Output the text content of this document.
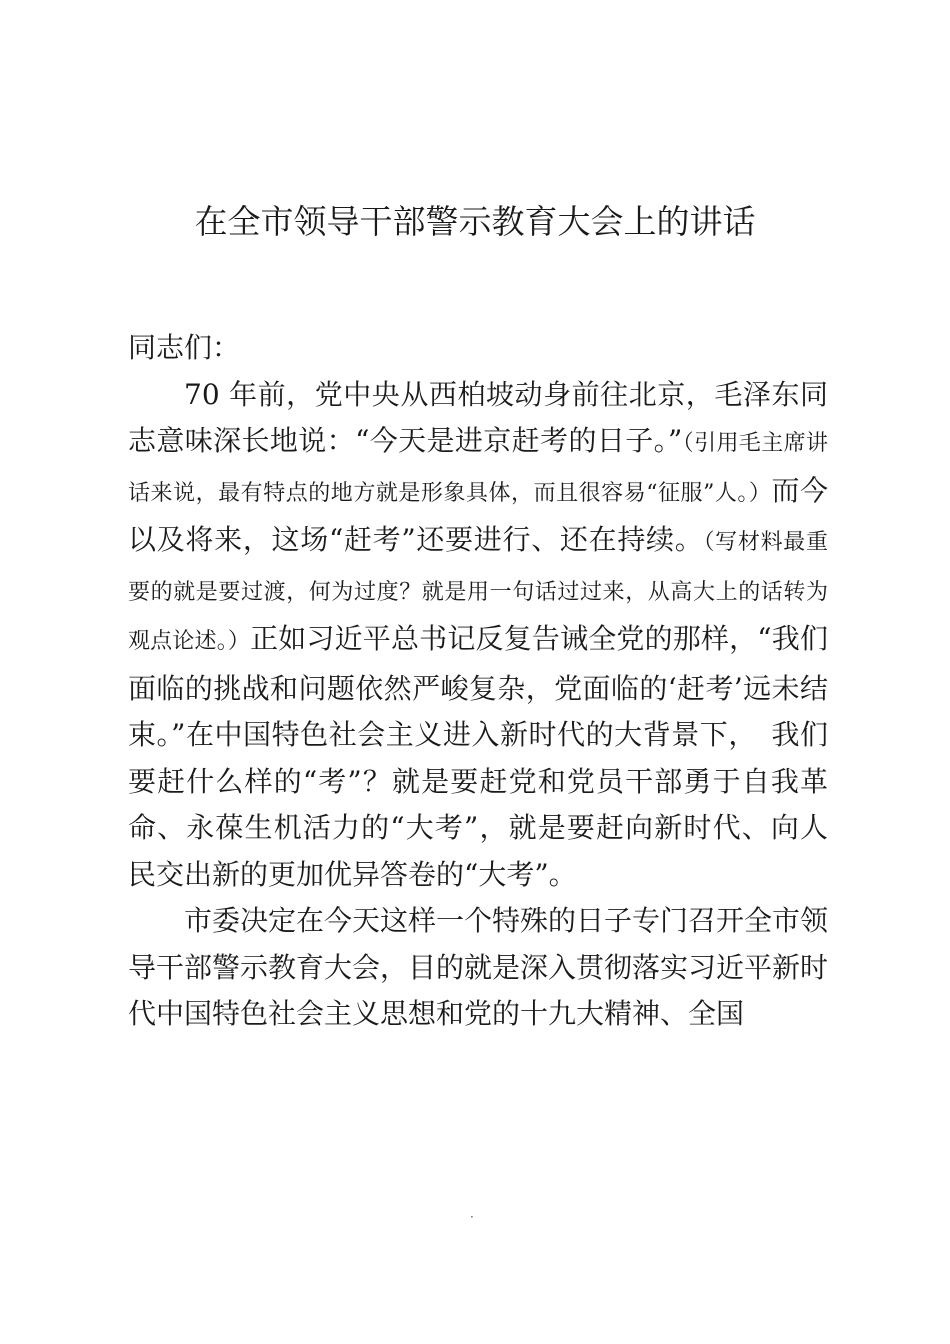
在全市领导干部警示教育大会上的讲话

同志们：

70 年前，党中央从西柏坡动身前往北京，毛泽东同志意味深长地说：“今天是进京赶考的日子。”（引用毛主席讲话来说，最有特点的地方就是形象具体，而且很容易“征服”人。）而今以及将来，这场“赶考”还要进行、还在持续。（写材料最重要的就是要过渡，何为过度？就是用一句话过过来，从高大上的话转为观点论述。）正如习近平总书记反复告诫全党的那样，“我们面临的挑战和问题依然严峻复杂，党面临的‘赶考’远未结束。”在中国特色社会主义进入新时代的大背景下，　我们要赶什么样的“考”？就是要赶党和党员干部勇于自我革命、永葆生机活力的“大考”，就是要赶向新时代、向人民交出新的更加优异答卷的“大考”。

市委决定在今天这样一个特殊的日子专门召开全市领导干部警示教育大会，目的就是深入贯彻落实习近平新时代中国特色社会主义思想和党的十九大精神、全国

·
